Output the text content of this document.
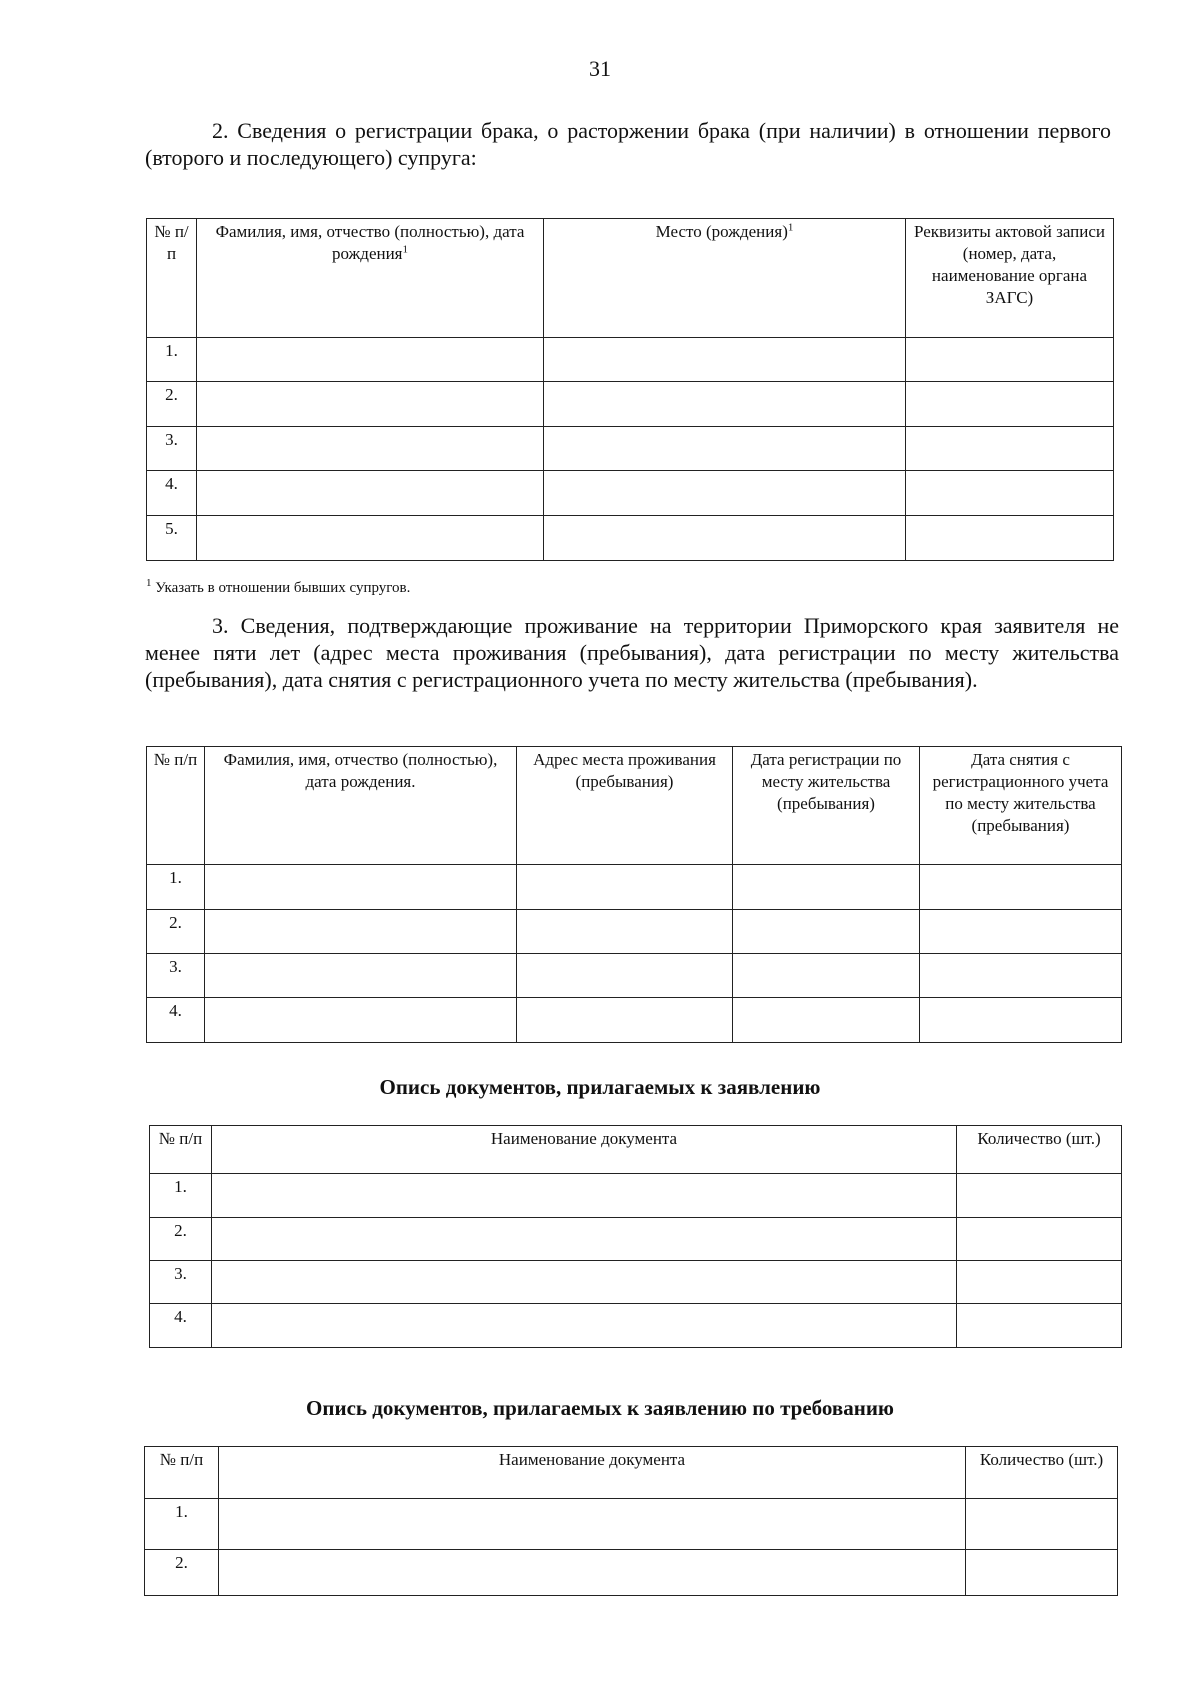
31
2. Сведения о регистрации брака, о расторжении брака (при наличии) в отношении первого (второго и последующего) супруга:
№ п/п	Фамилия, имя, отчество (полностью), дата рождения$^1$	Место (рождения)$^1$	Реквизиты актовой записи (номер, дата, наименование органа ЗАГС)
1.			
2.			
3.			
4.			
5.			
$^1$ Указать в отношении бывших супругов.
3. Сведения, подтверждающие проживание на территории Приморского края заявителя не менее пяти лет (адрес места проживания (пребывания), дата регистрации по месту жительства (пребывания), дата снятия с регистрационного учета по месту жительства (пребывания).
№ п/п	Фамилия, имя, отчество (полностью), дата рождения.	Адрес места проживания (пребывания)	Дата регистрации по месту жительства (пребывания)	Дата снятия с регистрационного учета по месту жительства (пребывания)
1.				
2.				
3.				
4.				
Опись документов, прилагаемых к заявлению
№ п/п	Наименование документа	Количество (шт.)
1.		
2.		
3.		
4.		
Опись документов, прилагаемых к заявлению по требованию
№ п/п	Наименование документа	Количество (шт.)
1.		
2.		
